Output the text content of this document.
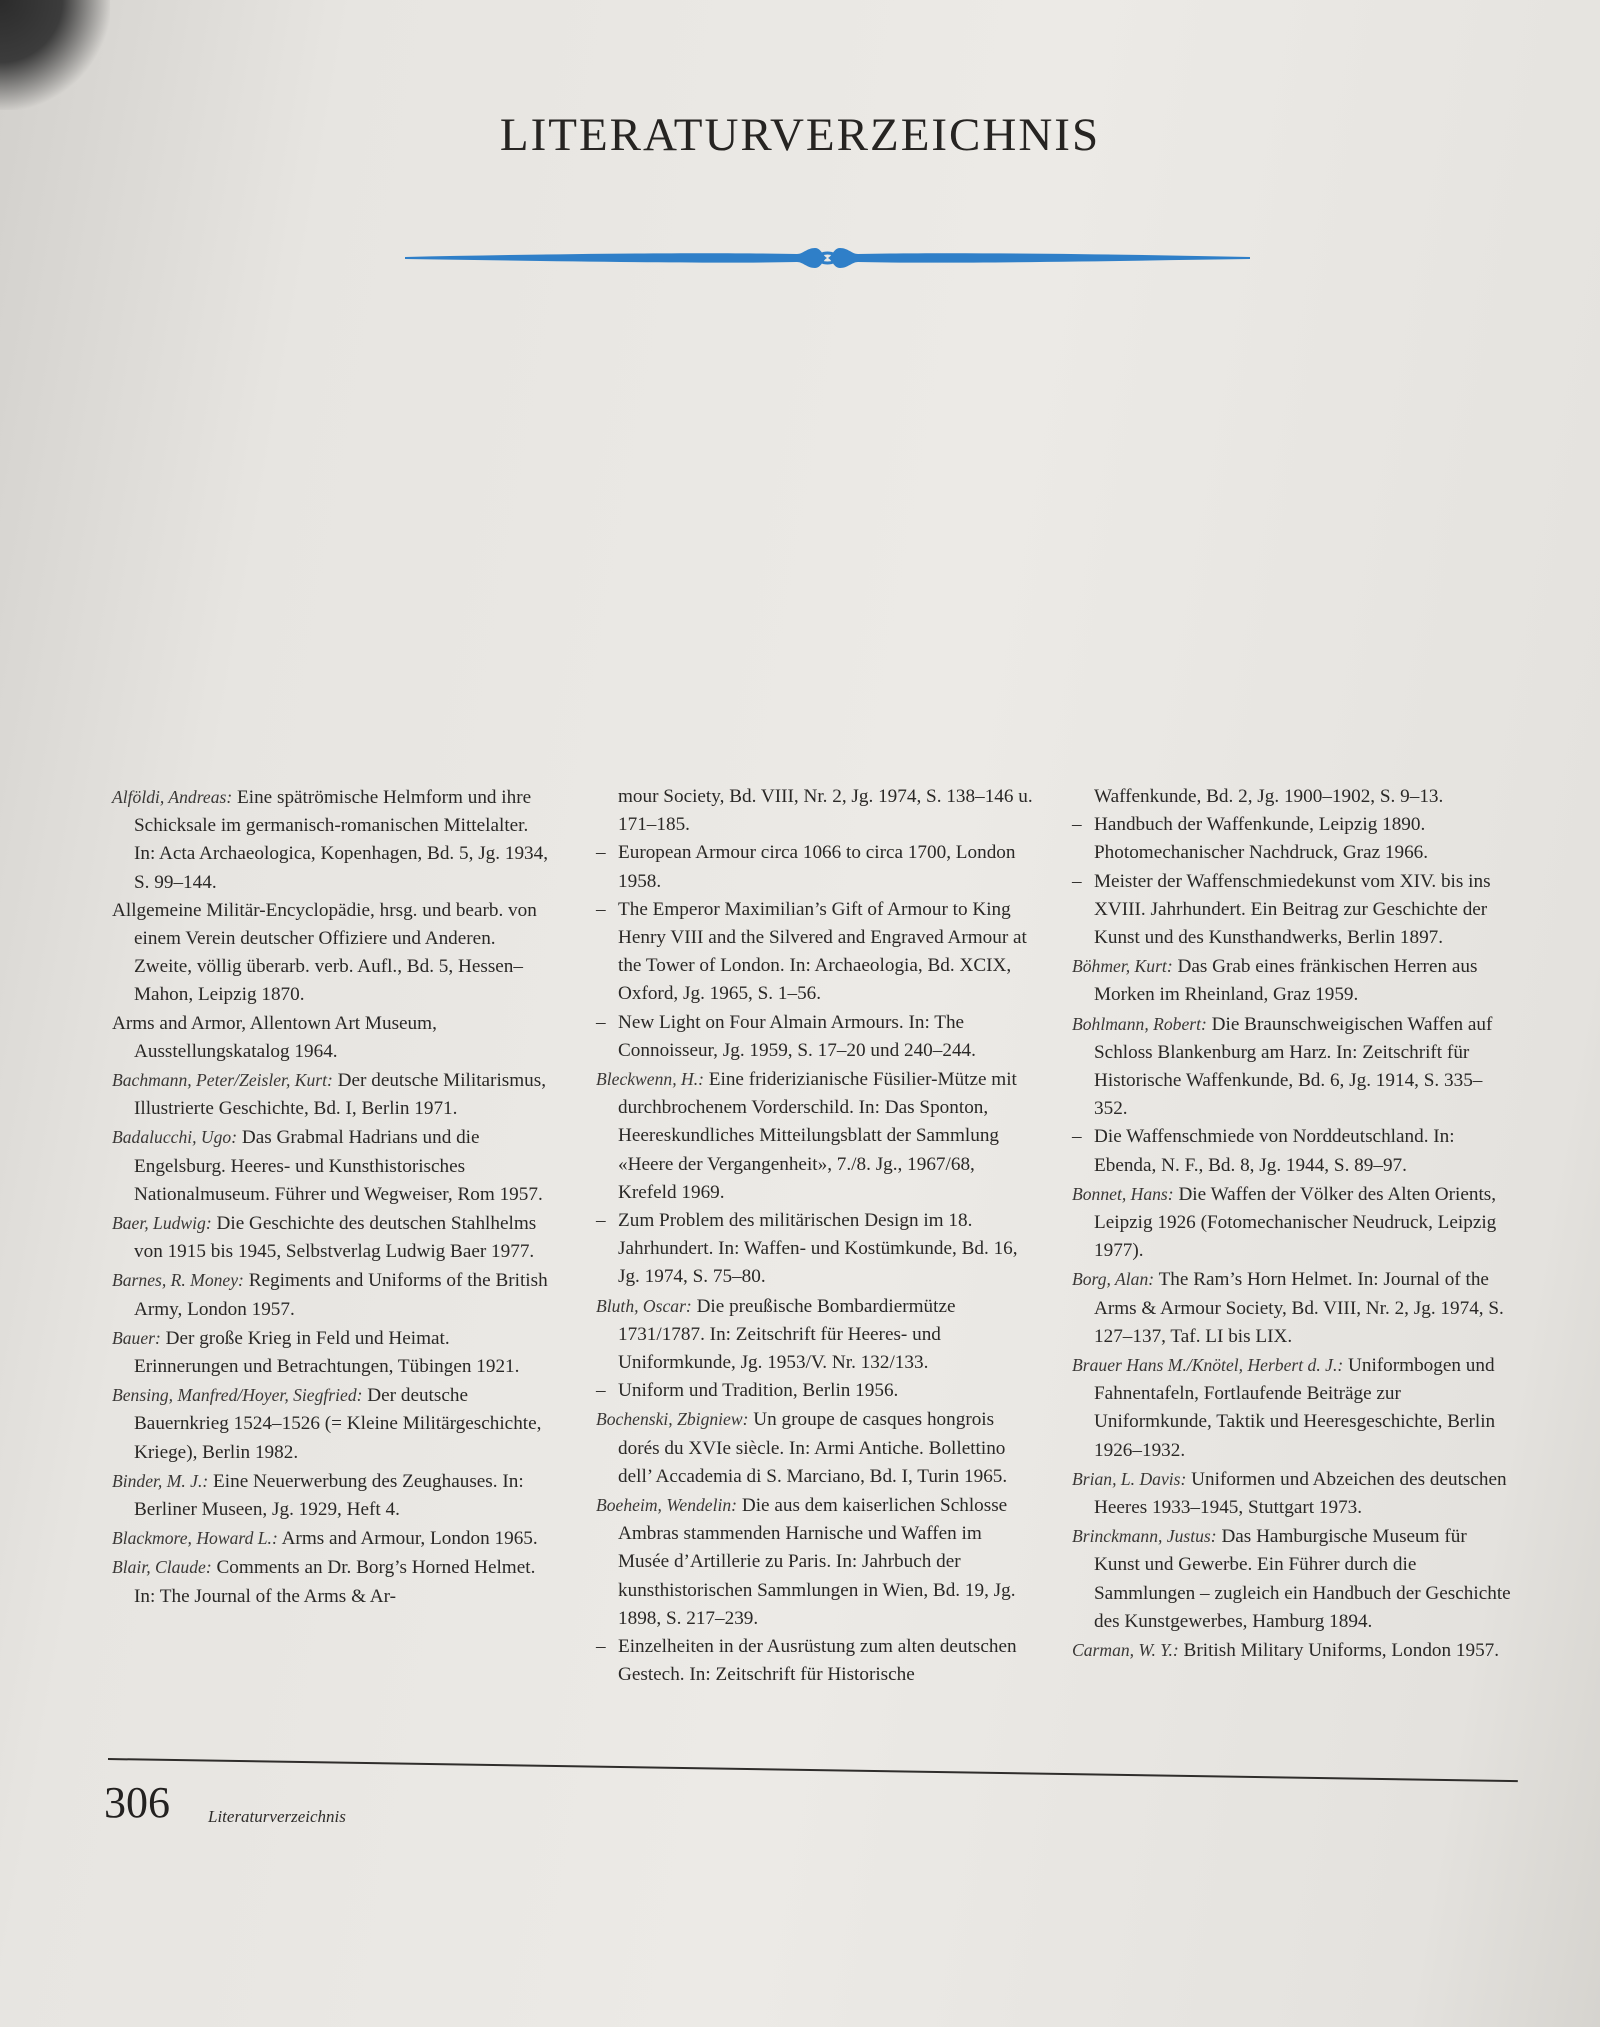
LITERATURVERZEICHNIS
Alföldi, Andreas: Eine spätrömische Helmform und ihre Schicksale im germanisch-romanischen Mittelalter. In: Acta Archaeologica, Kopenhagen, Bd. 5, Jg. 1934, S. 99–144.
Allgemeine Militär-Encyclopädie, hrsg. und bearb. von einem Verein deutscher Offiziere und Anderen. Zweite, völlig überarb. verb. Aufl., Bd. 5, Hessen–Mahon, Leipzig 1870.
Arms and Armor, Allentown Art Museum, Ausstellungskatalog 1964.
Bachmann, Peter/Zeisler, Kurt: Der deutsche Militarismus, Illustrierte Geschichte, Bd. I, Berlin 1971.
Badalucchi, Ugo: Das Grabmal Hadrians und die Engelsburg. Heeres- und Kunsthistorisches Nationalmuseum. Führer und Wegweiser, Rom 1957.
Baer, Ludwig: Die Geschichte des deutschen Stahlhelms von 1915 bis 1945, Selbstverlag Ludwig Baer 1977.
Barnes, R. Money: Regiments and Uniforms of the British Army, London 1957.
Bauer: Der große Krieg in Feld und Heimat. Erinnerungen und Betrachtungen, Tübingen 1921.
Bensing, Manfred/Hoyer, Siegfried: Der deutsche Bauernkrieg 1524–1526 (= Kleine Militärgeschichte, Kriege), Berlin 1982.
Binder, M. J.: Eine Neuerwerbung des Zeughauses. In: Berliner Museen, Jg. 1929, Heft 4.
Blackmore, Howard L.: Arms and Armour, London 1965.
Blair, Claude: Comments an Dr. Borg’s Horned Helmet. In: The Journal of the Arms & Ar-
mour Society, Bd. VIII, Nr. 2, Jg. 1974, S. 138–146 u. 171–185.
– European Armour circa 1066 to circa 1700, London 1958.
– The Emperor Maximilian’s Gift of Armour to King Henry VIII and the Silvered and Engraved Armour at the Tower of London. In: Archaeologia, Bd. XCIX, Oxford, Jg. 1965, S. 1–56.
– New Light on Four Almain Armours. In: The Connoisseur, Jg. 1959, S. 17–20 und 240–244.
Bleckwenn, H.: Eine friderizianische Füsilier-Mütze mit durchbrochenem Vorderschild. In: Das Sponton, Heereskundliches Mitteilungsblatt der Sammlung «Heere der Vergangenheit», 7./8. Jg., 1967/68, Krefeld 1969.
– Zum Problem des militärischen Design im 18. Jahrhundert. In: Waffen- und Kostümkunde, Bd. 16, Jg. 1974, S. 75–80.
Bluth, Oscar: Die preußische Bombardiermütze 1731/1787. In: Zeitschrift für Heeres- und Uniformkunde, Jg. 1953/V. Nr. 132/133.
– Uniform und Tradition, Berlin 1956.
Bochenski, Zbigniew: Un groupe de casques hongrois dorés du XVIe siècle. In: Armi Antiche. Bollettino dell’ Accademia di S. Marciano, Bd. I, Turin 1965.
Boeheim, Wendelin: Die aus dem kaiserlichen Schlosse Ambras stammenden Harnische und Waffen im Musée d’Artillerie zu Paris. In: Jahrbuch der kunsthistorischen Sammlungen in Wien, Bd. 19, Jg. 1898, S. 217–239.
– Einzelheiten in der Ausrüstung zum alten deutschen Gestech. In: Zeitschrift für Historische
Waffenkunde, Bd. 2, Jg. 1900–1902, S. 9–13.
– Handbuch der Waffenkunde, Leipzig 1890. Photomechanischer Nachdruck, Graz 1966.
– Meister der Waffenschmiedekunst vom XIV. bis ins XVIII. Jahrhundert. Ein Beitrag zur Geschichte der Kunst und des Kunsthandwerks, Berlin 1897.
Böhmer, Kurt: Das Grab eines fränkischen Herren aus Morken im Rheinland, Graz 1959.
Bohlmann, Robert: Die Braunschweigischen Waffen auf Schloss Blankenburg am Harz. In: Zeitschrift für Historische Waffenkunde, Bd. 6, Jg. 1914, S. 335–352.
– Die Waffenschmiede von Norddeutschland. In: Ebenda, N. F., Bd. 8, Jg. 1944, S. 89–97.
Bonnet, Hans: Die Waffen der Völker des Alten Orients, Leipzig 1926 (Fotomechanischer Neudruck, Leipzig 1977).
Borg, Alan: The Ram’s Horn Helmet. In: Journal of the Arms & Armour Society, Bd. VIII, Nr. 2, Jg. 1974, S. 127–137, Taf. LI bis LIX.
Brauer Hans M./Knötel, Herbert d. J.: Uniformbogen und Fahnentafeln, Fortlaufende Beiträge zur Uniformkunde, Taktik und Heeresgeschichte, Berlin 1926–1932.
Brian, L. Davis: Uniformen und Abzeichen des deutschen Heeres 1933–1945, Stuttgart 1973.
Brinckmann, Justus: Das Hamburgische Museum für Kunst und Gewerbe. Ein Führer durch die Sammlungen – zugleich ein Handbuch der Geschichte des Kunstgewerbes, Hamburg 1894.
Carman, W. Y.: British Military Uniforms, London 1957.
306 Literaturverzeichnis
